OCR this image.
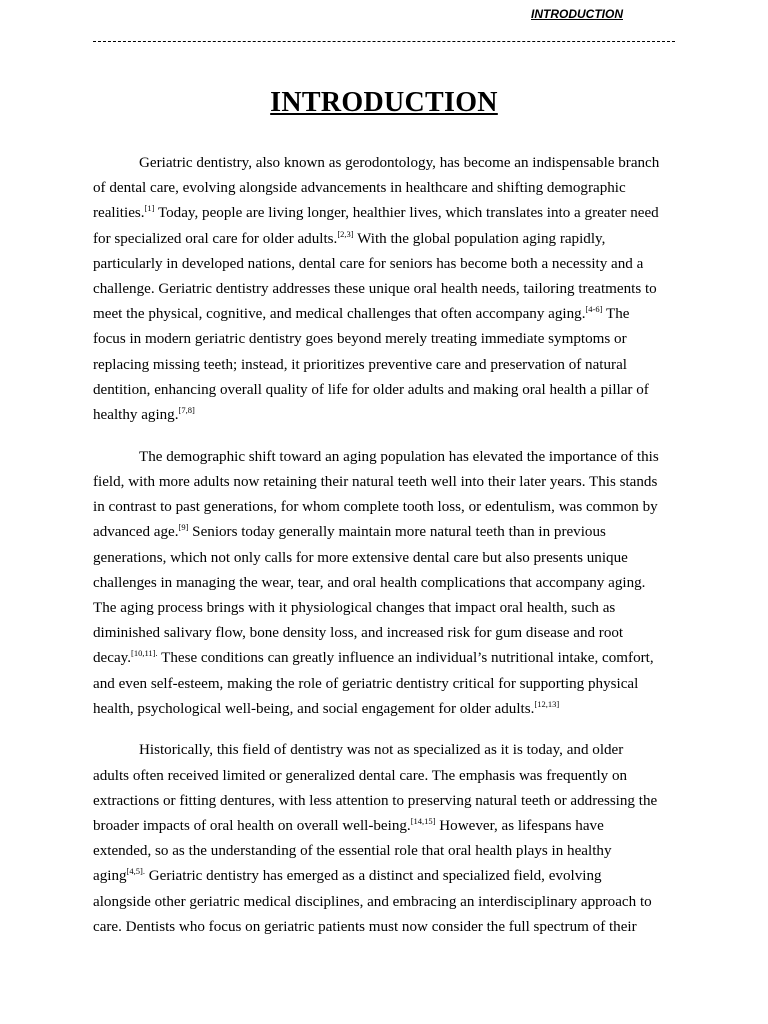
INTRODUCTION
INTRODUCTION

Geriatric dentistry, also known as gerodontology, has become an indispensable branch
of dental care, evolving alongside advancements in healthcare and shifting demographic
realities.[1] Today, people are living longer, healthier lives, which translates into a greater need
for specialized oral care for older adults.[2,3] With the global population aging rapidly,
particularly in developed nations, dental care for seniors has become both a necessity and a
challenge. Geriatric dentistry addresses these unique oral health needs, tailoring treatments to
meet the physical, cognitive, and medical challenges that often accompany aging.[4-6] The
focus in modern geriatric dentistry goes beyond merely treating immediate symptoms or
replacing missing teeth; instead, it prioritizes preventive care and preservation of natural
dentition, enhancing overall quality of life for older adults and making oral health a pillar of
healthy aging.[7,8]

The demographic shift toward an aging population has elevated the importance of this
field, with more adults now retaining their natural teeth well into their later years. This stands
in contrast to past generations, for whom complete tooth loss, or edentulism, was common by
advanced age.[9] Seniors today generally maintain more natural teeth than in previous
generations, which not only calls for more extensive dental care but also presents unique
challenges in managing the wear, tear, and oral health complications that accompany aging.
The aging process brings with it physiological changes that impact oral health, such as
diminished salivary flow, bone density loss, and increased risk for gum disease and root
decay.$^{[10,11].}$ These conditions can greatly influence an individual’s nutritional intake, comfort,
and even self-esteem, making the role of geriatric dentistry critical for supporting physical
health, psychological well-being, and social engagement for older adults.[12,13]

Historically, this field of dentistry was not as specialized as it is today, and older
adults often received limited or generalized dental care. The emphasis was frequently on
extractions or fitting dentures, with less attention to preserving natural teeth or addressing the
broader impacts of oral health on overall well-being.[14,15] However, as lifespans have
extended, so as the understanding of the essential role that oral health plays in healthy
aging$^{[4,5].}$ Geriatric dentistry has emerged as a distinct and specialized field, evolving
alongside other geriatric medical disciplines, and embracing an interdisciplinary approach to
care. Dentists who focus on geriatric patients must now consider the full spectrum of their
